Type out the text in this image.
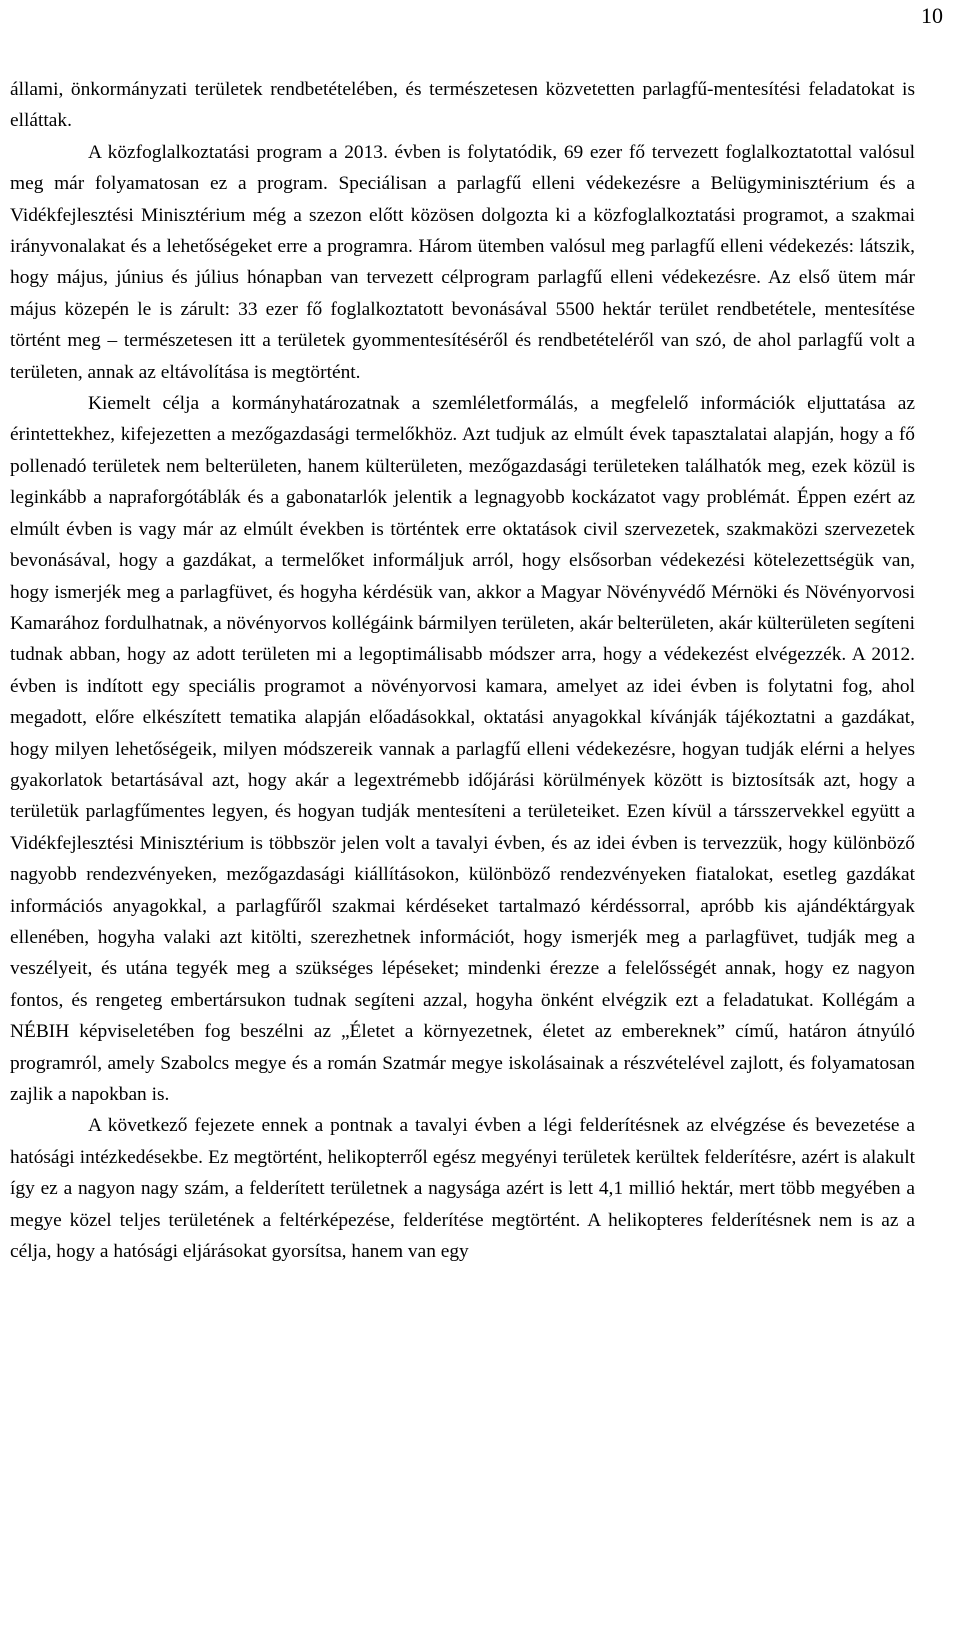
10

állami, önkormányzati területek rendbetételében, és természetesen közvetetten parlagfű-mentesítési feladatokat is elláttak.

A közfoglalkoztatási program a 2013. évben is folytatódik, 69 ezer fő tervezett foglalkoztatottal valósul meg már folyamatosan ez a program. Speciálisan a parlagfű elleni védekezésre a Belügyminisztérium és a Vidékfejlesztési Minisztérium még a szezon előtt közösen dolgozta ki a közfoglalkoztatási programot, a szakmai irányvonalakat és a lehetőségeket erre a programra. Három ütemben valósul meg parlagfű elleni védekezés: látszik, hogy május, június és július hónapban van tervezett célprogram parlagfű elleni védekezésre. Az első ütem már május közepén le is zárult: 33 ezer fő foglalkoztatott bevonásával 5500 hektár terület rendbetétele, mentesítése történt meg – természetesen itt a területek gyommentesítéséről és rendbetételéről van szó, de ahol parlagfű volt a területen, annak az eltávolítása is megtörtént.

Kiemelt célja a kormányhatározatnak a szemléletformálás, a megfelelő információk eljuttatása az érintettekhez, kifejezetten a mezőgazdasági termelőkhöz. Azt tudjuk az elmúlt évek tapasztalatai alapján, hogy a fő pollenadó területek nem belterületen, hanem külterületen, mezőgazdasági területeken találhatók meg, ezek közül is leginkább a napraforgótáblák és a gabonatarlók jelentik a legnagyobb kockázatot vagy problémát. Éppen ezért az elmúlt évben is vagy már az elmúlt években is történtek erre oktatások civil szervezetek, szakmaközi szervezetek bevonásával, hogy a gazdákat, a termelőket informáljuk arról, hogy elsősorban védekezési kötelezettségük van, hogy ismerjék meg a parlagfüvet, és hogyha kérdésük van, akkor a Magyar Növényvédő Mérnöki és Növényorvosi Kamarához fordulhatnak, a növényorvos kollégáink bármilyen területen, akár belterületen, akár külterületen segíteni tudnak abban, hogy az adott területen mi a legoptimálisabb módszer arra, hogy a védekezést elvégezzék. A 2012. évben is indított egy speciális programot a növényorvosi kamara, amelyet az idei évben is folytatni fog, ahol megadott, előre elkészített tematika alapján előadásokkal, oktatási anyagokkal kívánják tájékoztatni a gazdákat, hogy milyen lehetőségeik, milyen módszereik vannak a parlagfű elleni védekezésre, hogyan tudják elérni a helyes gyakorlatok betartásával azt, hogy akár a legextrémebb időjárási körülmények között is biztosítsák azt, hogy a területük parlagfűmentes legyen, és hogyan tudják mentesíteni a területeiket. Ezen kívül a társszervekkel együtt a Vidékfejlesztési Minisztérium is többször jelen volt a tavalyi évben, és az idei évben is tervezzük, hogy különböző nagyobb rendezvényeken, mezőgazdasági kiállításokon, különböző rendezvényeken fiatalokat, esetleg gazdákat információs anyagokkal, a parlagfűről szakmai kérdéseket tartalmazó kérdéssorral, apróbb kis ajándéktárgyak ellenében, hogyha valaki azt kitölti, szerezhetnek információt, hogy ismerjék meg a parlagfüvet, tudják meg a veszélyeit, és utána tegyék meg a szükséges lépéseket; mindenki érezze a felelősségét annak, hogy ez nagyon fontos, és rengeteg embertársukon tudnak segíteni azzal, hogyha önként elvégzik ezt a feladatukat. Kollégám a NÉBIH képviseletében fog beszélni az „Életet a környezetnek, életet az embereknek” című, határon átnyúló programról, amely Szabolcs megye és a román Szatmár megye iskolásainak a részvételével zajlott, és folyamatosan zajlik a napokban is.

A következő fejezete ennek a pontnak a tavalyi évben a légi felderítésnek az elvégzése és bevezetése a hatósági intézkedésekbe. Ez megtörtént, helikopterről egész megyényi területek kerültek felderítésre, azért is alakult így ez a nagyon nagy szám, a felderített területnek a nagysága azért is lett 4,1 millió hektár, mert több megyében a megye közel teljes területének a feltérképezése, felderítése megtörtént. A helikopteres felderítésnek nem is az a célja, hogy a hatósági eljárásokat gyorsítsa, hanem van egy
